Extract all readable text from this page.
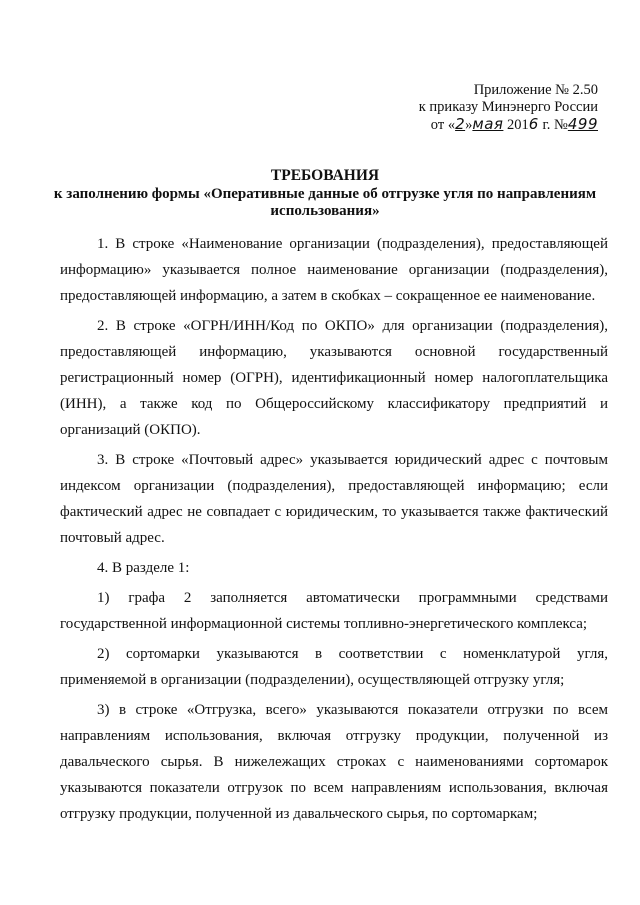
Приложение № 2.50
к приказу Минэнерго России
от «2»мая 2016 г. №499
ТРЕБОВАНИЯ
к заполнению формы «Оперативные данные об отгрузке угля по направлениям использования»

1. В строке «Наименование организации (подразделения), предоставляющей информацию» указывается полное наименование организации (подразделения), предоставляющей информацию, а затем в скобках – сокращенное ее наименование.

2. В строке «ОГРН/ИНН/Код по ОКПО» для организации (подразделения), предоставляющей информацию, указываются основной государственный регистрационный номер (ОГРН), идентификационный номер налогоплательщика (ИНН), а также код по Общероссийскому классификатору предприятий и организаций (ОКПО).

3. В строке «Почтовый адрес» указывается юридический адрес с почтовым индексом организации (подразделения), предоставляющей информацию; если фактический адрес не совпадает с юридическим, то указывается также фактический почтовый адрес.

4. В разделе 1:

1) графа 2 заполняется автоматически программными средствами государственной информационной системы топливно-энергетического комплекса;

2) сортомарки указываются в соответствии с номенклатурой угля, применяемой в организации (подразделении), осуществляющей отгрузку угля;

3) в строке «Отгрузка, всего» указываются показатели отгрузки по всем направлениям использования, включая отгрузку продукции, полученной из давальческого сырья. В нижележащих строках с наименованиями сортомарок указываются показатели отгрузок по всем направлениям использования, включая отгрузку продукции, полученной из давальческого сырья, по сортомаркам;
